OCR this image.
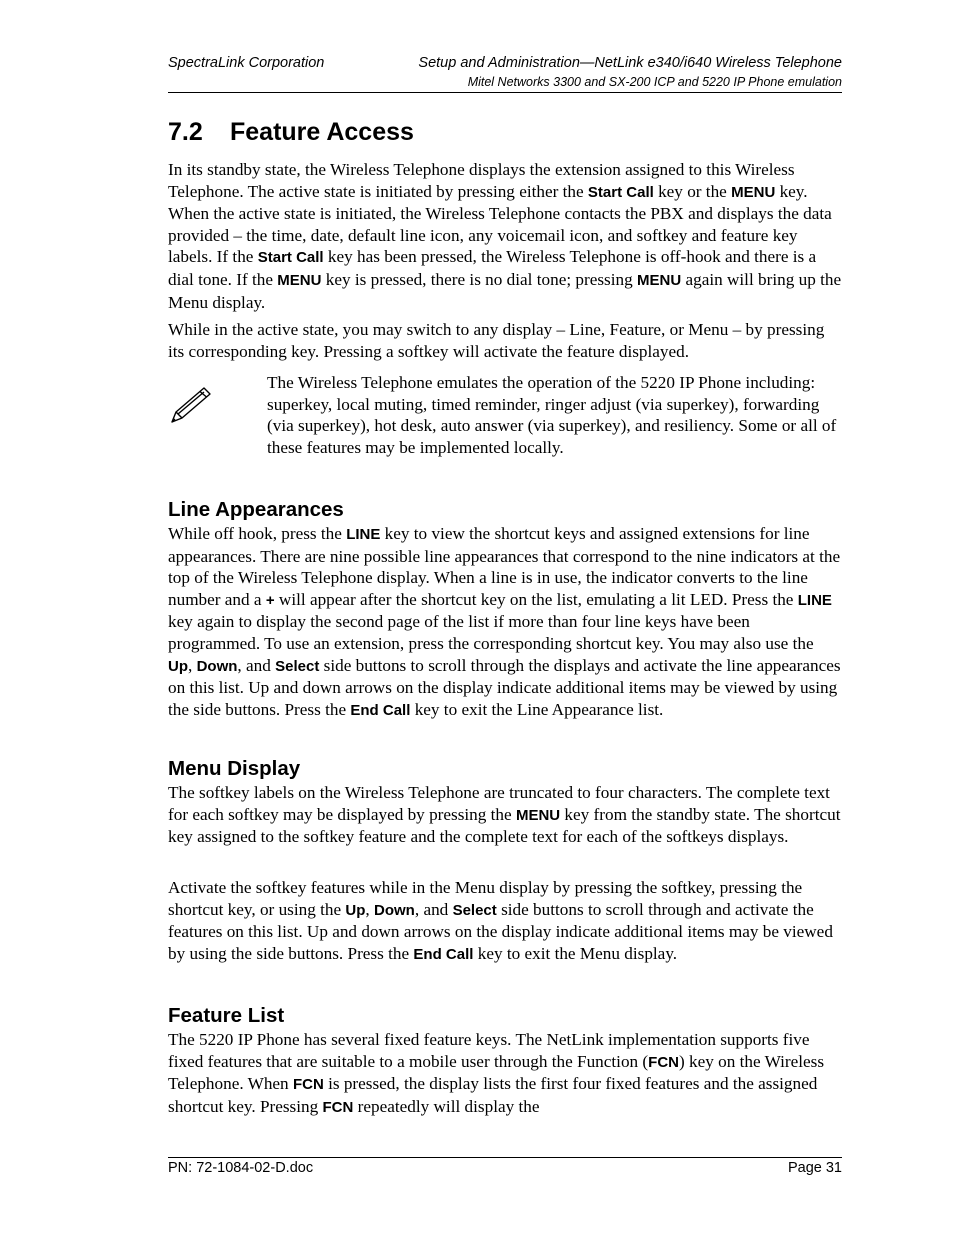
SpectraLink Corporation	Setup and Administration—NetLink e340/i640 Wireless Telephone
Mitel Networks 3300 and SX-200 ICP and 5220 IP Phone emulation
7.2 Feature Access

In its standby state, the Wireless Telephone displays the extension assigned to this Wireless Telephone. The active state is initiated by pressing either the Start Call key or the MENU key. When the active state is initiated, the Wireless Telephone contacts the PBX and displays the data provided – the time, date, default line icon, any voicemail icon, and softkey and feature key labels. If the Start Call key has been pressed, the Wireless Telephone is off-hook and there is a dial tone. If the MENU key is pressed, there is no dial tone; pressing MENU again will bring up the Menu display.

While in the active state, you may switch to any display – Line, Feature, or Menu – by pressing its corresponding key. Pressing a softkey will activate the feature displayed.

The Wireless Telephone emulates the operation of the 5220 IP Phone including: superkey, local muting, timed reminder, ringer adjust (via superkey), forwarding (via superkey), hot desk, auto answer (via superkey), and resiliency. Some or all of these features may be implemented locally.

Line Appearances

While off hook, press the LINE key to view the shortcut keys and assigned extensions for line appearances. There are nine possible line appearances that correspond to the nine indicators at the top of the Wireless Telephone display. When a line is in use, the indicator converts to the line number and a + will appear after the shortcut key on the list, emulating a lit LED. Press the LINE key again to display the second page of the list if more than four line keys have been programmed. To use an extension, press the corresponding shortcut key. You may also use the Up, Down, and Select side buttons to scroll through the displays and activate the line appearances on this list. Up and down arrows on the display indicate additional items may be viewed by using the side buttons. Press the End Call key to exit the Line Appearance list.

Menu Display

The softkey labels on the Wireless Telephone are truncated to four characters. The complete text for each softkey may be displayed by pressing the MENU key from the standby state. The shortcut key assigned to the softkey feature and the complete text for each of the softkeys displays.

Activate the softkey features while in the Menu display by pressing the softkey, pressing the shortcut key, or using the Up, Down, and Select side buttons to scroll through and activate the features on this list. Up and down arrows on the display indicate additional items may be viewed by using the side buttons. Press the End Call key to exit the Menu display.

Feature List

The 5220 IP Phone has several fixed feature keys. The NetLink implementation supports five fixed features that are suitable to a mobile user through the Function (FCN) key on the Wireless Telephone. When FCN is pressed, the display lists the first four fixed features and the assigned shortcut key. Pressing FCN repeatedly will display the

PN: 72-1084-02-D.doc	Page 31
